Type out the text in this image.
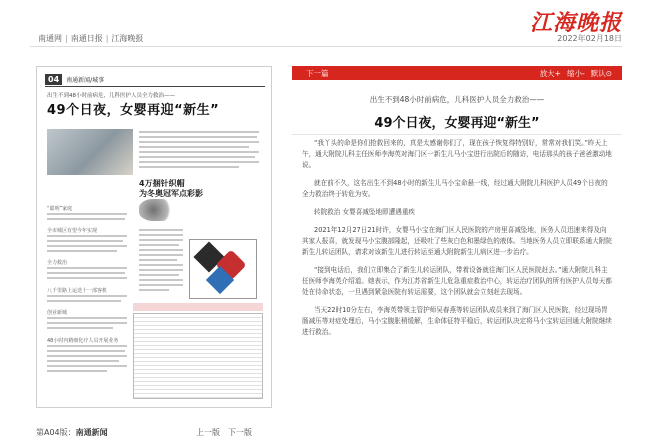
南通网 | 南通日报 | 江海晚报
江海晚报
2022年02月18日
04	南通新闻/城事
出生不到48小时前病危，儿科医护人员全力救治——
49个日夜，女婴再迎“新生”
4万捆针织帽
为冬奥冠军点彩影
“聪明”家庭
全市城区有望今年实现
全力救治
八千里路上运送十一部客机
创业新城
48小时内精细化疗人员开展业务
第A04版：南通新闻	上一版 下一版
下一篇	放大+ 缩小- 默认⊙
出生不到48小时前病危，儿科医护人员全力救治——
49个日夜，女婴再迎“新生”

“我丫头的命是你们抢救回来的，真是太感谢你们了，现在孩子恢复得特别好，常常对我们笑。”昨天上午，通大附院儿科主任医师李海英对海门区一新生儿马小宝进行出院后的随访，电话那头的孩子爸爸激动地说。

就在前不久，这名出生不到48小时的新生儿马小宝命悬一线，经过通大附院儿科医护人员49个日夜的全力救治终于转危为安。

转院救治 女婴喜减坠地即遭遇重疾

2021年12月27日21时许，女婴马小宝在海门区人民医院的产房里喜减坠地，医务人员迅速来得及向其家人报喜，就发现马小宝腹部隆起，还吸吐了些灰白色和墨绿色的液体。当地医务人员立即联系通大附院新生儿转运团队，请求对该新生儿进行转运至通大附院新生儿病区进一步治疗。

“接到电话后，我们立即集合了新生儿转运团队，带着设备就往海门区人民医院赶去。”通大附院儿科主任医师李海英介绍道。她表示，作为江苏省新生儿危急重症救治中心，转运治疗团队的所有医护人员每天都处在待命状态，一旦遇到紧急医院有转运需要，这个团队就会立刻赶去现场。

当天22时10分左右，李海英带领主管护师吴春燕等转运团队成员来到了海门区人民医院，经过现场胃肠减压等对症处理后，马小宝腹胀稍缓解，生命体征特平稳后，转运团队决定将马小宝转运回通大附院继续进行救治。
